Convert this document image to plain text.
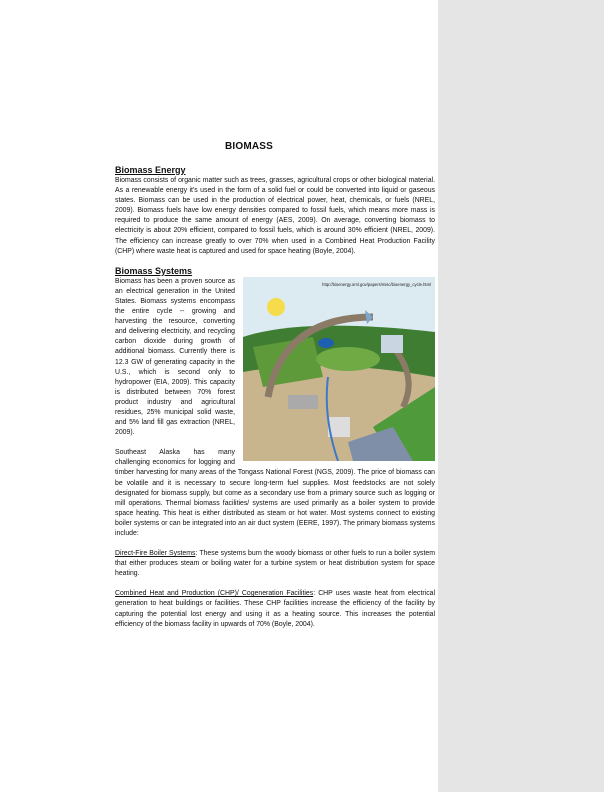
BIOMASS
Biomass Energy

Biomass consists of organic matter such as trees, grasses, agricultural crops or other biological material. As a renewable energy it’s used in the form of a solid fuel or could be converted into liquid or gaseous states. Biomass can be used in the production of electrical power, heat, chemicals, or fuels (NREL, 2009). Biomass fuels have low energy densities compared to fossil fuels, which means more mass is required to produce the same amount of energy (AES, 2009). On average, converting biomass to electricity is about 20% efficient, compared to fossil fuels, which is around 30% efficient (NREL, 2009). The efficiency can increase greatly to over 70% when used in a Combined Heat Production Facility (CHP) where waste heat is captured and used for space heating (Boyle, 2004).

Biomass Systems
http://bioenergy.ornl.gov/papers/misc/bioenergy_cycle.html

Biomass has been a proven source as an electrical generation in the United States. Biomass systems encompass the entire cycle -- growing and harvesting the resource, converting and delivering electricity, and recycling carbon dioxide during growth of additional biomass. Currently there is 12.3 GW of generating capacity in the U.S., which is second only to hydropower (EIA, 2009). This capacity is distributed between 70% forest product industry and agricultural residues, 25% municipal solid waste, and 5% land fill gas extraction (NREL, 2009).

Southeast Alaska has many challenging economics for logging and timber harvesting for many areas of the Tongass National Forest (NGS, 2009). The price of biomass can be volatile and it is necessary to secure long-term fuel supplies. Most feedstocks are not solely designated for biomass supply, but come as a secondary use from a primary source such as logging or mill operations. Thermal biomass facilities/ systems are used primarily as a boiler system to provide space heating. This heat is either distributed as steam or hot water. Most systems connect to existing boiler systems or can be integrated into an air duct system (EERE, 1997). The primary biomass systems include:

Direct-Fire Boiler Systems: These systems burn the woody biomass or other fuels to run a boiler system that either produces steam or boiling water for a turbine system or heat distribution system for space heating.

Combined Heat and Production (CHP)/ Cogeneration Facilities: CHP uses waste heat from electrical generation to heat buildings or facilities. These CHP facilities increase the efficiency of the facility by capturing the potential lost energy and using it as a heating source. This increases the potential efficiency of the biomass facility in upwards of 70% (Boyle, 2004).
